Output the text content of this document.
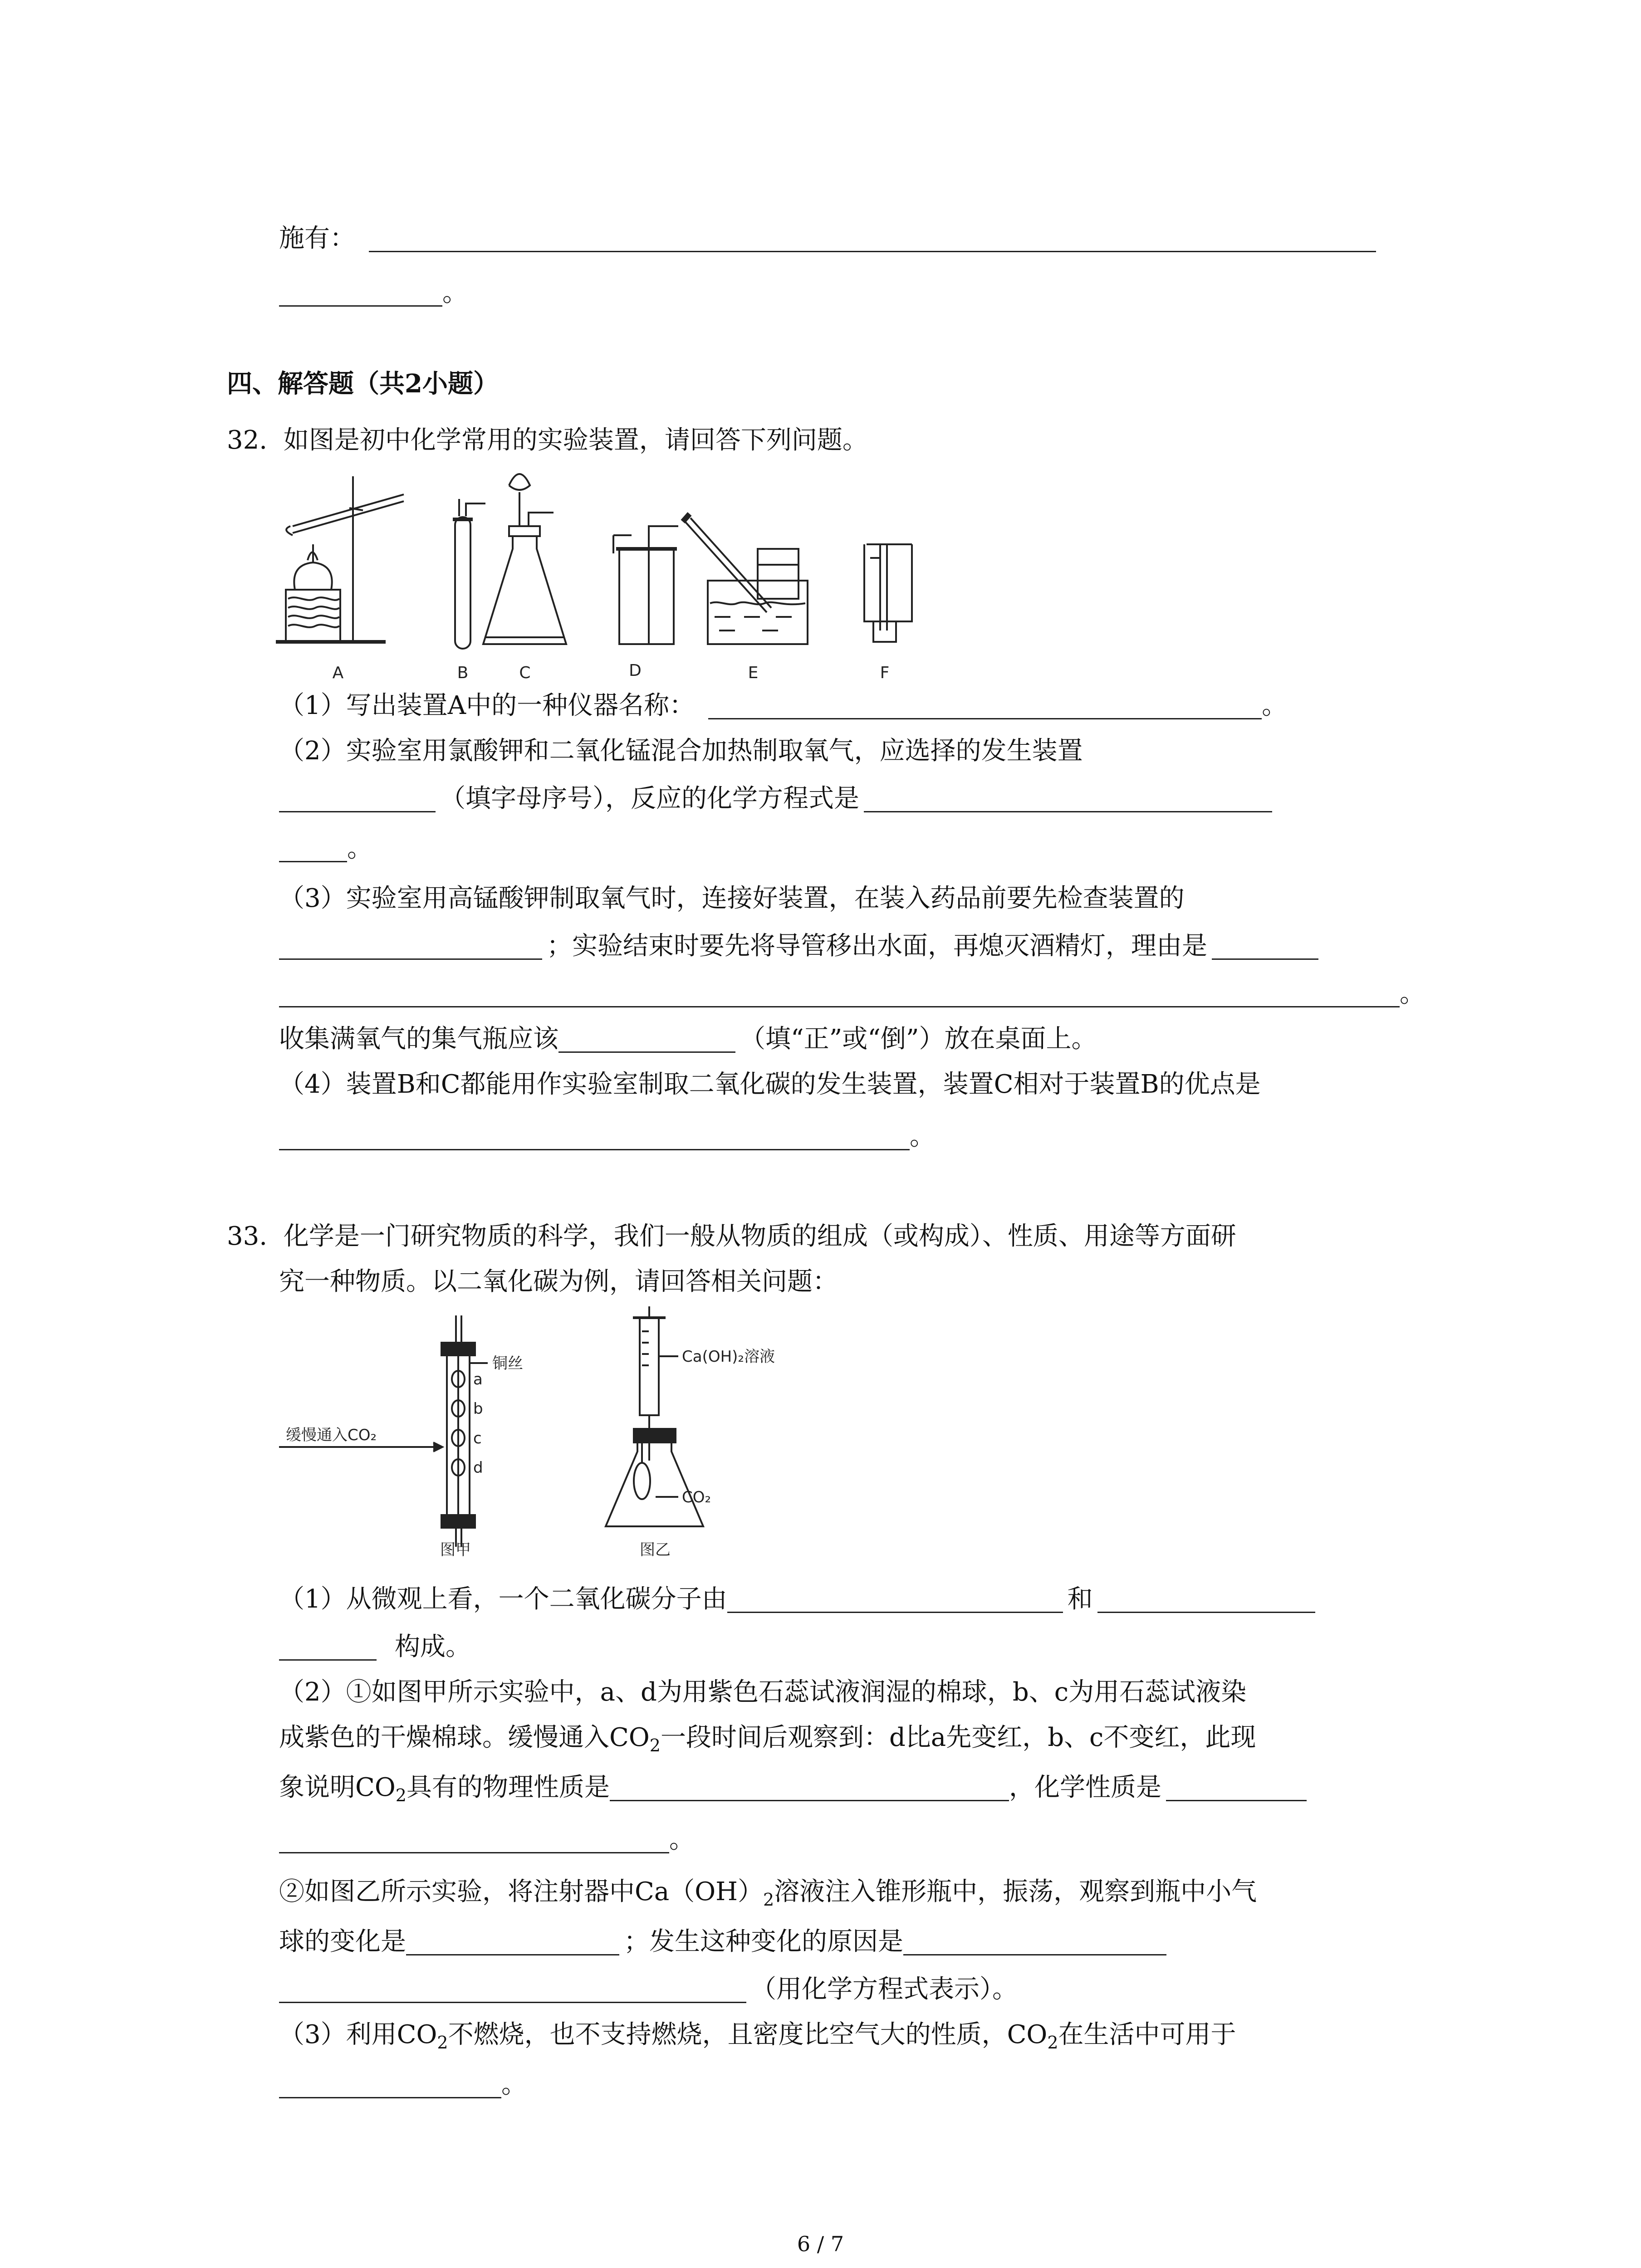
施有：
。
四、解答题（共2小题）
32. 如图是初中化学常用的实验装置，请回答下列问题。
A	B	C	D	E	F
（1）写出装置A中的一种仪器名称：	。
（2）实验室用氯酸钾和二氧化锰混合加热制取氧气，应选择的发生装置
（填字母序号），反应的化学方程式是
。
（3）实验室用高锰酸钾制取氧气时，连接好装置，在装入药品前要先检查装置的
；实验结束时要先将导管移出水面，再熄灭酒精灯，理由是
。
收集满氧气的集气瓶应该	（填“正”或“倒”）放在桌面上。
（4）装置B和C都能用作实验室制取二氧化碳的发生装置，装置C相对于装置B的优点是
。
33. 化学是一门研究物质的科学，我们一般从物质的组成（或构成）、性质、用途等方面研
究一种物质。以二氧化碳为例，请回答相关问题：
缓慢通入CO₂
铜丝
a
b
c
d
图甲
Ca(OH)₂溶液
CO₂
图乙
（1）从微观上看，一个二氧化碳分子由	和
构成。
（2）①如图甲所示实验中，a、d为用紫色石蕊试液润湿的棉球，b、c为用石蕊试液染
成紫色的干燥棉球。缓慢通入$CO_2$一段时间后观察到：d比a先变红，b、c不变红，此现
象说明$CO_2$具有的物理性质是	，化学性质是
。
②如图乙所示实验，将注射器中$Ca(OH)_2$溶液注入锥形瓶中，振荡，观察到瓶中小气
球的变化是	；发生这种变化的原因是
（用化学方程式表示）。
（3）利用$CO_2$不燃烧，也不支持燃烧，且密度比空气大的性质，$CO_2$在生活中可用于
。
6 / 7
